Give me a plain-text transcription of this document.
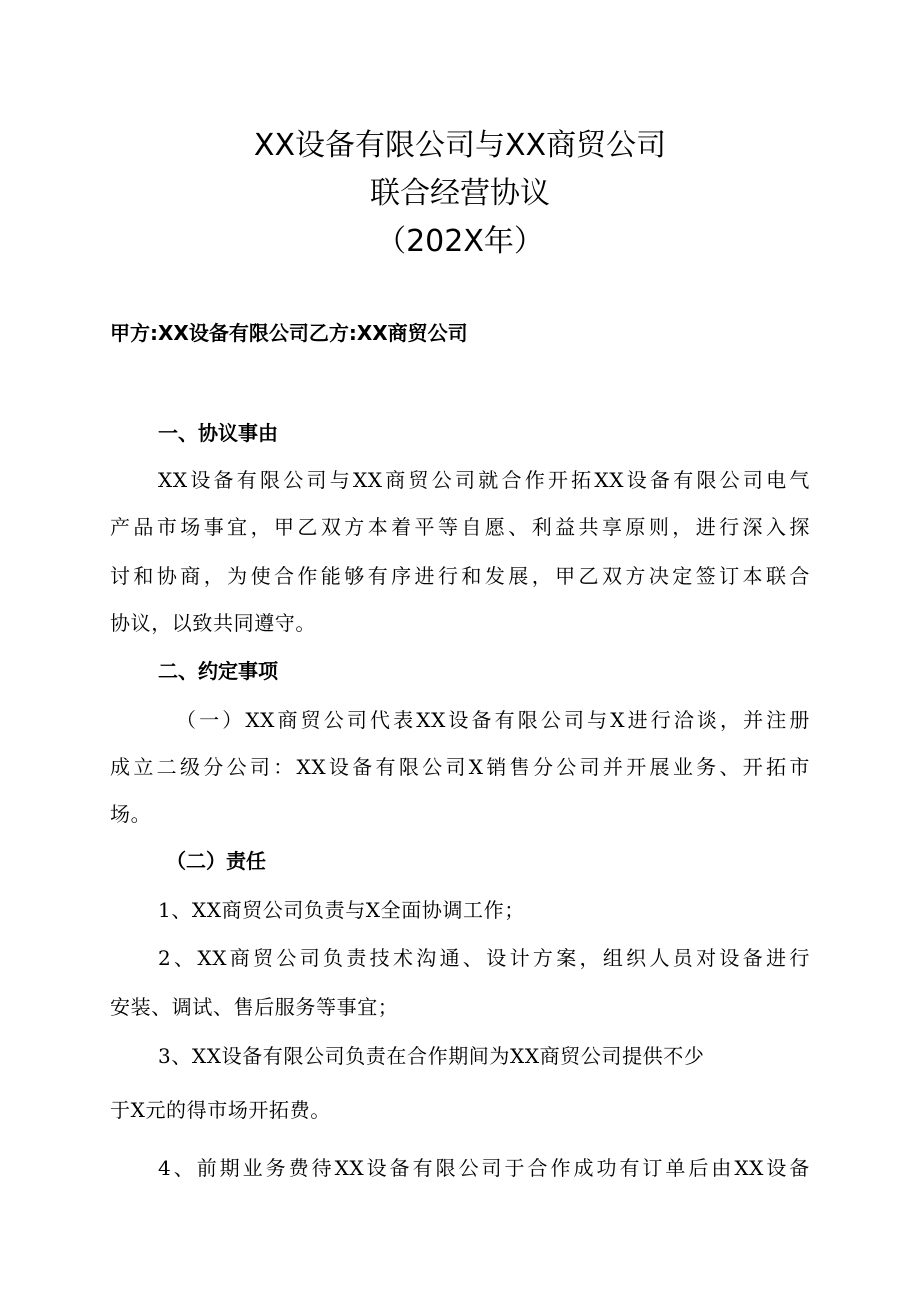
XX设备有限公司与XX商贸公司
联合经营协议
（202X年）
甲方:XX设备有限公司乙方:XX商贸公司
一、协议事由
XX设备有限公司与XX商贸公司就合作开拓XX设备有限公司电气
产品市场事宜，甲乙双方本着平等自愿、利益共享原则，进行深入探
讨和协商，为使合作能够有序进行和发展，甲乙双方决定签订本联合
协议，以致共同遵守。
二、约定事项
（一）XX商贸公司代表XX设备有限公司与X进行洽谈，并注册
成立二级分公司：XX设备有限公司X销售分公司并开展业务、开拓市
场。
（二）责任
1、XX商贸公司负责与X全面协调工作；
2、XX商贸公司负责技术沟通、设计方案，组织人员对设备进行
安装、调试、售后服务等事宜；
3、XX设备有限公司负责在合作期间为XX商贸公司提供不少
于X元的得市场开拓费。
4、前期业务费待XX设备有限公司于合作成功有订单后由XX设备
